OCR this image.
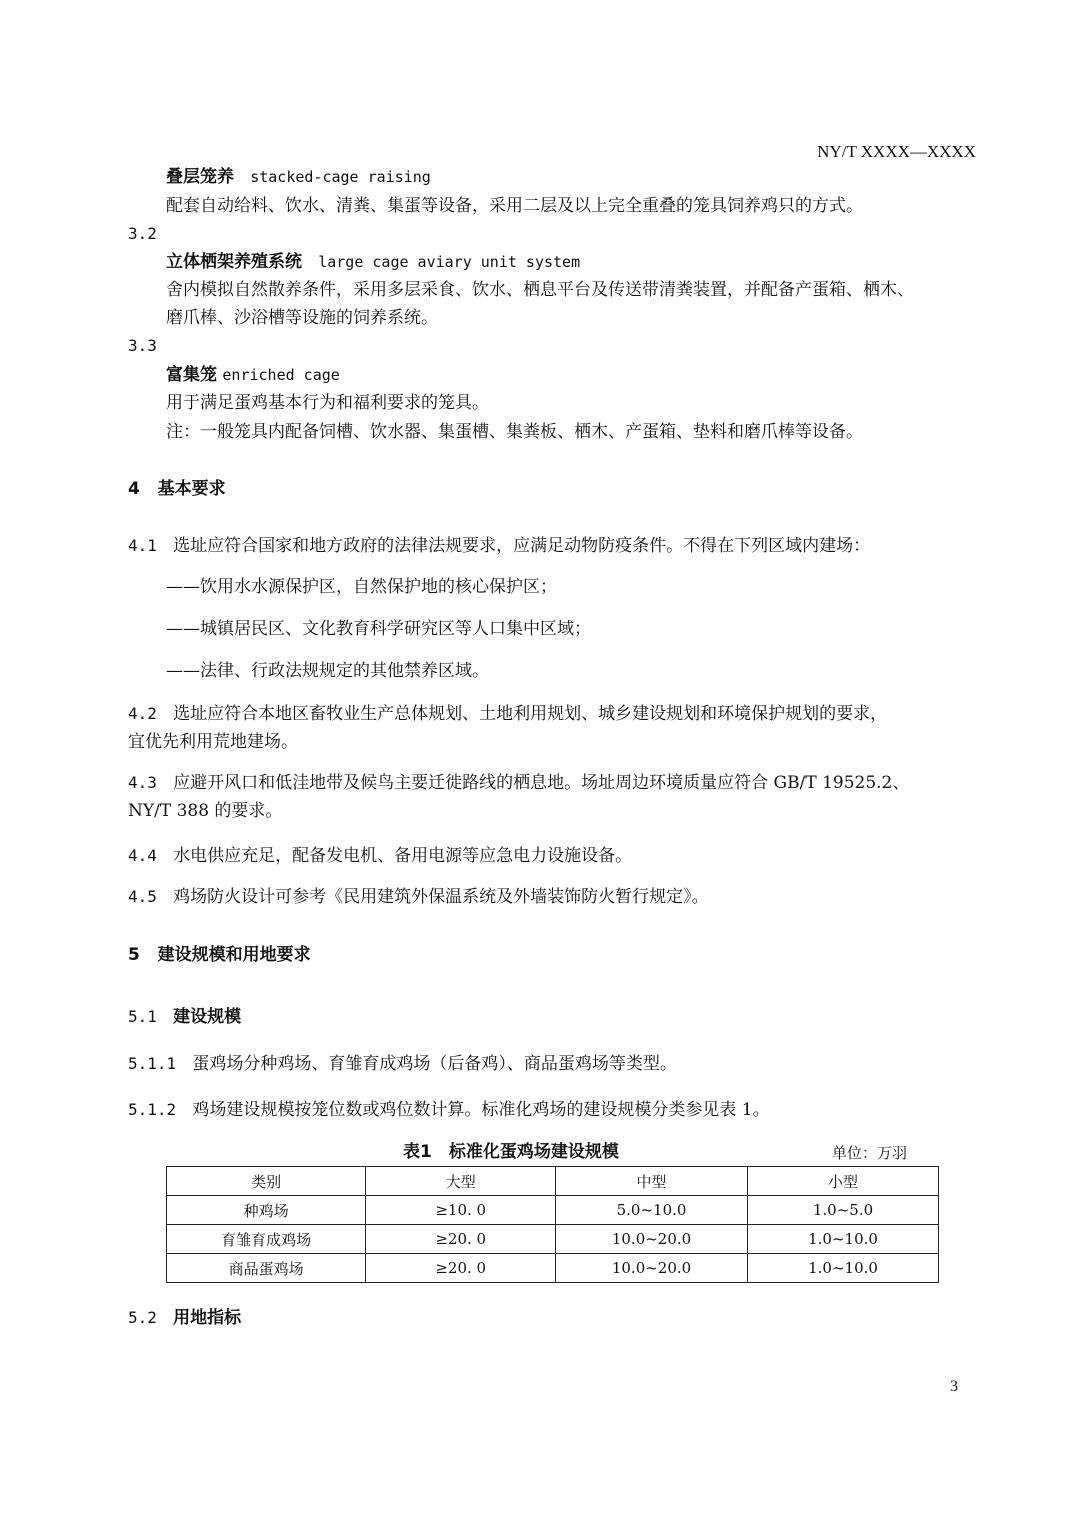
NY/T XXXX—XXXX
叠层笼养 stacked-cage raising
配套自动给料、饮水、清粪、集蛋等设备，采用二层及以上完全重叠的笼具饲养鸡只的方式。
3.2
立体栖架养殖系统 large cage aviary unit system
舍内模拟自然散养条件，采用多层采食、饮水、栖息平台及传送带清粪装置，并配备产蛋箱、栖木、
磨爪棒、沙浴槽等设施的饲养系统。
3.3
富集笼 enriched cage
用于满足蛋鸡基本行为和福利要求的笼具。
注：一般笼具内配备饲槽、饮水器、集蛋槽、集粪板、栖木、产蛋箱、垫料和磨爪棒等设备。
4 基本要求
4.1 选址应符合国家和地方政府的法律法规要求，应满足动物防疫条件。不得在下列区域内建场：
——饮用水水源保护区，自然保护地的核心保护区；
——城镇居民区、文化教育科学研究区等人口集中区域；
——法律、行政法规规定的其他禁养区域。
4.2 选址应符合本地区畜牧业生产总体规划、土地利用规划、城乡建设规划和环境保护规划的要求，
宜优先利用荒地建场。
4.3 应避开风口和低洼地带及候鸟主要迁徙路线的栖息地。场址周边环境质量应符合 GB/T 19525.2、
NY/T 388 的要求。
4.4 水电供应充足，配备发电机、备用电源等应急电力设施设备。
4.5 鸡场防火设计可参考《民用建筑外保温系统及外墙装饰防火暂行规定》。
5 建设规模和用地要求
5.1 建设规模
5.1.1 蛋鸡场分种鸡场、育雏育成鸡场（后备鸡）、商品蛋鸡场等类型。
5.1.2 鸡场建设规模按笼位数或鸡位数计算。标准化鸡场的建设规模分类参见表 1。
表1　标准化蛋鸡场建设规模	单位：万羽
类别	大型	中型	小型
种鸡场	≥10. 0	5.0~10.0	1.0~5.0
育雏育成鸡场	≥20. 0	10.0~20.0	1.0~10.0
商品蛋鸡场	≥20. 0	10.0~20.0	1.0~10.0
5.2 用地指标
3
